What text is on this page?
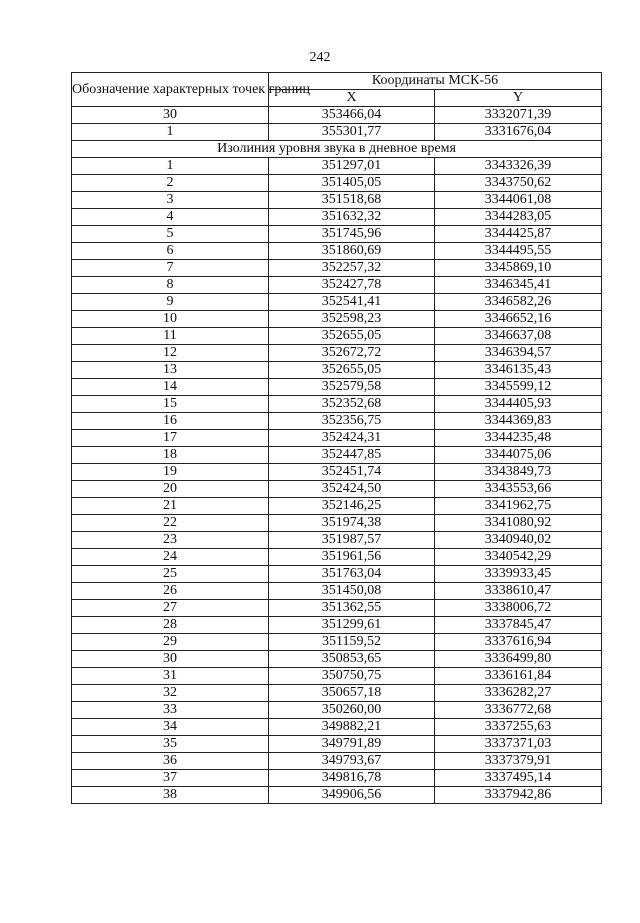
242
Обозначение характерных точек границ	Координаты МСК-56	
	X	Y
30	353466,04	3332071,39
1	355301,77	3331676,04
Изолиния уровня звука в дневное время		
1	351297,01	3343326,39
2	351405,05	3343750,62
3	351518,68	3344061,08
4	351632,32	3344283,05
5	351745,96	3344425,87
6	351860,69	3344495,55
7	352257,32	3345869,10
8	352427,78	3346345,41
9	352541,41	3346582,26
10	352598,23	3346652,16
11	352655,05	3346637,08
12	352672,72	3346394,57
13	352655,05	3346135,43
14	352579,58	3345599,12
15	352352,68	3344405,93
16	352356,75	3344369,83
17	352424,31	3344235,48
18	352447,85	3344075,06
19	352451,74	3343849,73
20	352424,50	3343553,66
21	352146,25	3341962,75
22	351974,38	3341080,92
23	351987,57	3340940,02
24	351961,56	3340542,29
25	351763,04	3339933,45
26	351450,08	3338610,47
27	351362,55	3338006,72
28	351299,61	3337845,47
29	351159,52	3337616,94
30	350853,65	3336499,80
31	350750,75	3336161,84
32	350657,18	3336282,27
33	350260,00	3336772,68
34	349882,21	3337255,63
35	349791,89	3337371,03
36	349793,67	3337379,91
37	349816,78	3337495,14
38	349906,56	3337942,86
